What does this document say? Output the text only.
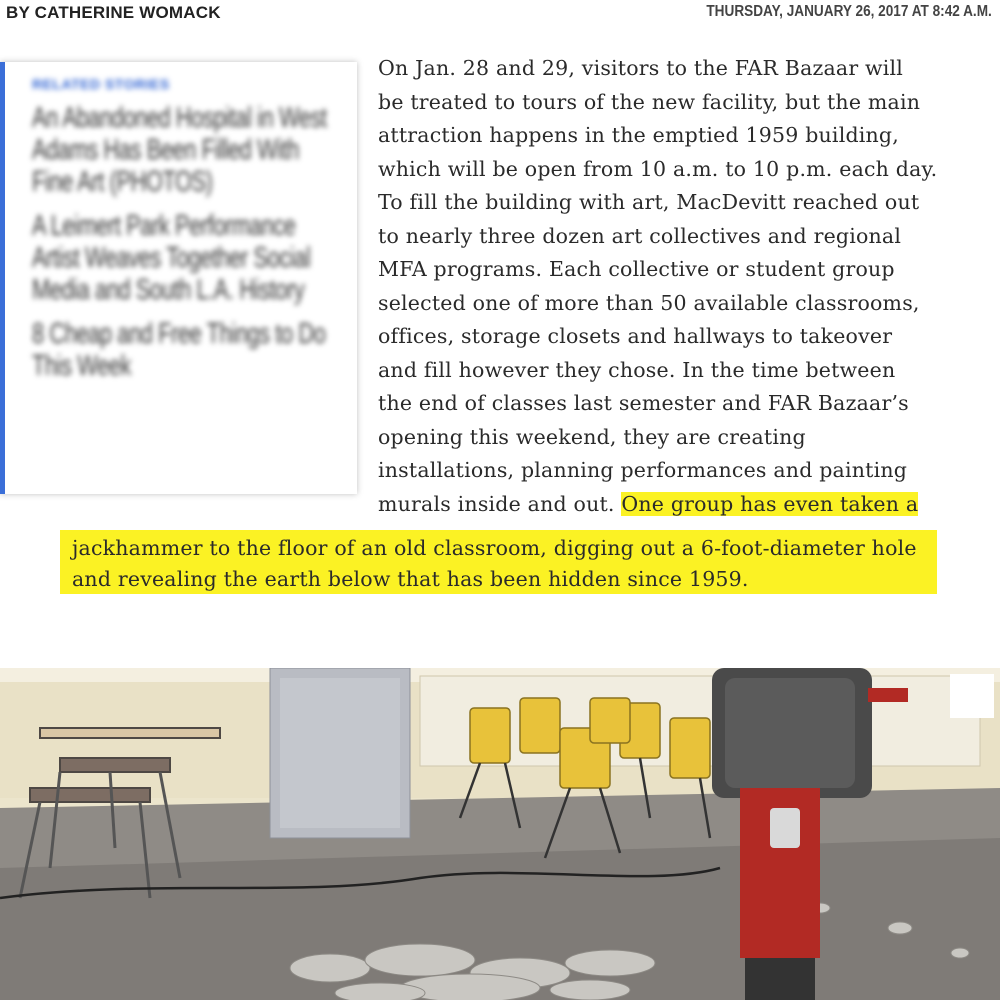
BY CATHERINE WOMACK	THURSDAY, JANUARY 26, 2017 AT 8:42 A.M.
RELATED STORIES
An Abandoned Hospital in West Adams Has Been Filled With Fine Art (PHOTOS)
A Leimert Park Performance Artist Weaves Together Social Media and South L.A. History
8 Cheap and Free Things to Do This Week
On Jan. 28 and 29, visitors to the FAR Bazaar will
be treated to tours of the new facility, but the main
attraction happens in the emptied 1959 building,
which will be open from 10 a.m. to 10 p.m. each day.
To fill the building with art, MacDevitt reached out
to nearly three dozen art collectives and regional
MFA programs. Each collective or student group
selected one of more than 50 available classrooms,
offices, storage closets and hallways to takeover
and fill however they chose. In the time between
the end of classes last semester and FAR Bazaar’s
opening this weekend, they are creating
installations, planning performances and painting
murals inside and out. One group has even taken a
jackhammer to the floor of an old classroom, digging out a 6-foot-diameter hole
and revealing the earth below that has been hidden since 1959.
